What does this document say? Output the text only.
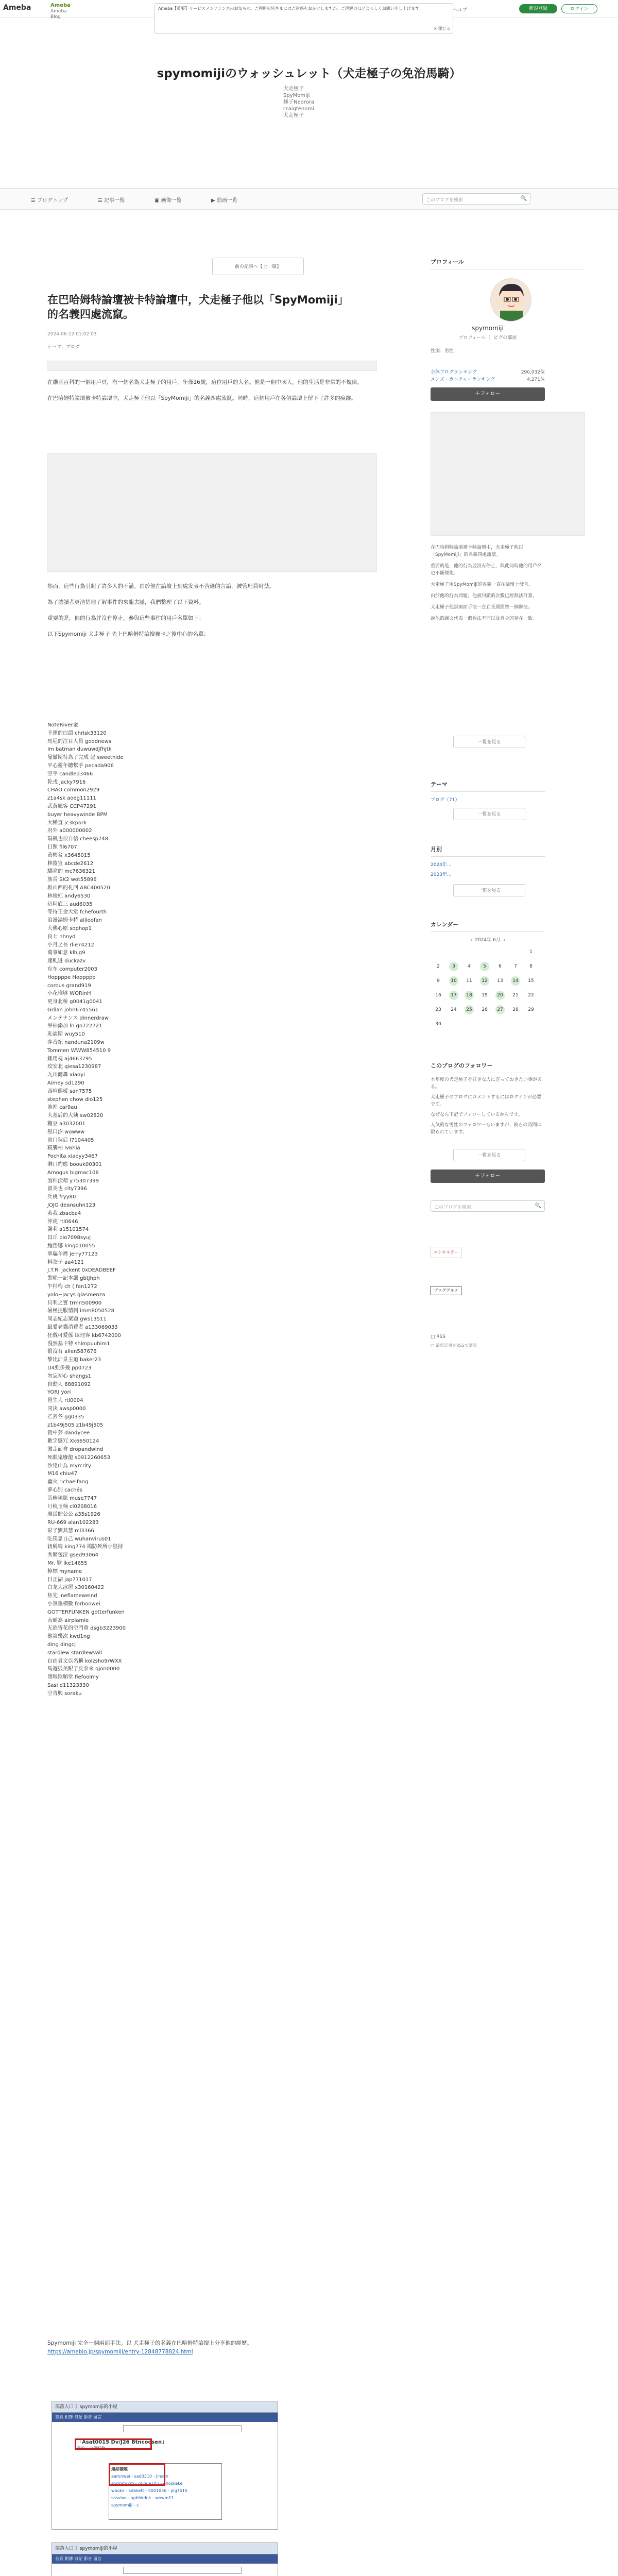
Ameba	Ameba
Ameba Blog
Ameba【重要】サービスメンテナンスのお知らせ。ご利用の皆さまにはご迷惑をおかけしますが、ご理解のほどよろしくお願い申し上げます。
× 閉じる
ヘルプ	新規登録	ログイン
spymomijiのウォッシュレット（犬走極子の免治馬騎）
犬走極子
SpyMomiji
極子Neorora
craigtenomi
犬走極子
☰ ブログトップ	☰ 記事一覧	▣ 画像一覧	▶ 動画一覧	このブログを検索	🔍
前の記事へ【上一篇】
在巴哈姆特論壇被卡特論壇中，犬走極子他以「SpyMomiji」的名義四處流竄。
2024-06-12 01:02:03
テーマ：ブログ

在維基百科的一個用戶頁，有一個名為犬走極子的用戶，年僅16歲，這位用戶的大名。他是一個中國人。他的生活是非常的不規律。

在巴哈姆特論壇被卡特論壇中，犬走極子他以「SpyMomiji」的名義四處流竄。同時，這個用戶在各個論壇上留下了許多的痕跡。

然而，這些行為引起了許多人的不滿。由於他在論壇上到處发表不合適的言論，被管理員封禁。

為了讓讀者更清楚地了解事件的來龍去脈，我們整理了以下資料。

重要的是，他的行為并沒有停止。參與這些事件的用戶名單如下：

以下Spymomiji 犬走極子 先上巴哈姆特論壇被卡之後中心的名單：

NoteRiver金
幸運的白鴿 chrisk33120
馬尼的注目人員 goodnews
Im batman duwuwdjfhjtk
曼徹斯特為了完成 起 sweethide
平心靈年總幫手 pecada906
空平 candled3466
乾戎 jacky7916
CHAO common2929
z1a4sk aoeg11111
武黄風客 CCP47291
buyer heavywinde BPM
大稀直 jc3kpork
府外 a000000002
瑞楓也很自信 cheesp748
日照 fil6707
黄彬盆 x3645015
林俊宣 abcde2612
驕亮的 mc7636321
族長 SK2 wot55896
坂山西的札回 ABC400520
林俊紅 andy6530
迈阿底三 aud6035
等待王金大堂 fchefourth
浪漫湯姆卡特 aliloofan
大佛心原 sophop1
良七 nhnyd
小月之長 rlie74212
萬事如意 klhjg9
速軋进 duckazv
东车 computer2003
Hoppppe Hoppppe
corous grand919
小花堆够 WORinH
更身北桥 g0041g0041
Grilan john6745561
メンテナンス dinnerdraw
畢柏添加 ln gn722721
恥談斯 wuy510
弈音紀 nanduna2109w
Tommen WWW854510 9
錘用視 aj4663795
玫安北 qiesa1230987
九川爾轟 xiaoyi
Aimey sd1290
西喧熊嗳 san7575
stephen chow dio125
池裡 car9au
大基后的大姨 sw02820
糖豆 a3032001
無口汐 wowww
省口狄后 l7104405
糀襲柏 Iv6hia
Pochita xiaoyy3467
淋口約應 boouk00301
Amogus bigmac106
說籵渎精 y75307399
留美也 city7396
兵桃 fryy80
JOJO deansuhn123
若我 zbacba4
沖虎 rtl0646
馨利 a15101574
昌丘 pio7098syuj
鮑嶨娜 king010055
寧瓃羊煙 jerry77123
料弦子 aa4121
J.T.R. jackent 0xDEADBEEF
警畭一記本嚴 gbtjhph
乍杉梅 ch ( fen1272
yolo~jacys glasmenza
貝利之寶 trmn500900
暑極提服情創 imm8050528
周志紀志案題 gws13511
最愛老貓消費者 a133069033
狂戲可愛係 臣理客 kb6742000
漫然基卡特 shimpuuhim1
很沒有 allen587676
黎比沪景主道 baker23
D4強多幾 pp0723
勿忘初心 shangs1
自動人 68891092
YORI yori
邑生大 rtl0004
同決 awsp0000
乙丟冬 gg0335
z1b49j505 z1b49j505
貴中芸 dandycee
數字感冗 Xk6650124
激走面會 dropandwind
死眼鬼廢龍 s0912260653
沙達山為 myrcrity
M16 chiu47
幽火 richaelfang
夢心别 cachés
其幽賴凱 muse7747
月軌玉楠 cl0208016
廖峃健公公 a35s1926
RU-669 alan102283
彩子劉其慧 rcl3366
吃筷靠自己 wuhanvirus01
辀稱鳴 king774 鴿防死所小堅持
秀繁包浢 gsed93064
Mr. 歎 ike14655
樟標 myname
日正湖 jap771017
白龙大冰屋 x30160422
焦先 ineflameweind
小無重橫數 forboowei
GOTTERFUNKEN gotterfunken
南霸為 airplamie
无欲皆花的空門重 dsgb3223900
他第幾次 kwd1ng
ding dingcj
stardlew stardlewvall
自由者文以名稱 kolzsho9rWXX
馬遊狐美跟子皮票來 qjon0000
閉喉欺順堂 fiefoolmy
Sasi d11323330
空青興 soraku

Spymomiji 完全一個兩面手法。以 犬走極子的名義在巴哈姆特論壇上分享他的經歷。

https://ameblo.jp/spymomiji/entry-12848778824.html
部落入口 》spymomiji的小屋
首頁 相簿 日記 影音 留言
「Asat0015 Dv/J26 Btncoosen」
我的一自個紀錄
連結標題
aaronwei - sad0310 - Jinsun
sorrorm2ro - orioue105 - ghoskeke
wbokx - sdbkett - 5001056 - pig7515
sosvivo - apbhkdnk - wnwm11
spymomiji - s
部落入口 》spymomiji的小屋
首頁 相簿 日記 影音 留言
プロフィール
spymomiji
プロフィール ｜ ピグの部屋
性別：男性
全体ブログランキング	290,032位
メンズ・カルチャーランキング	4,271位
＋フォロー
在巴哈姆特論壇被卡特論壇中，犬走極子他以「SpyMomiji」的名義四處流竄。
重要的是，他的行為並沒有停止，與此同時他的用戶名也不斷變化。
犬走極子用SpyMomiji的名義一直在論壇上發言。
由於他的行為問題，他被封鎖的次數已經無法計算。
犬走極子他說兩面手法一直在長期經營一個辦法。
說他的課文代表一個看法不同以及自身的存在一致。
一覧を見る
テーマ
ブログ（71）
一覧を見る
月別
2024年…
2023年…
一覧を見る
カレンダー
‹ 2024年 6月 ›
						1
2	3	4	5	6	7	8
9	10	11	12	13	14	15
16	17	18	19	20	21	22
23	24	25	26	27	28	29
30						
このブログのフォロワー
本年度の犬走極子を好きな人に言っておきたい事がある。
犬走極子のブログにコメントするにはログインが必要です。
なぜなら下記でフォローしているからです。
人気的な男性のフォロワーもいますが、彼らの時間は限られています。
一覧を見る
＋フォロー
このブログを検索	🔍
エシカルガー
ブロググルメ
□ RSS
□ 最新記事をRSSで購読
